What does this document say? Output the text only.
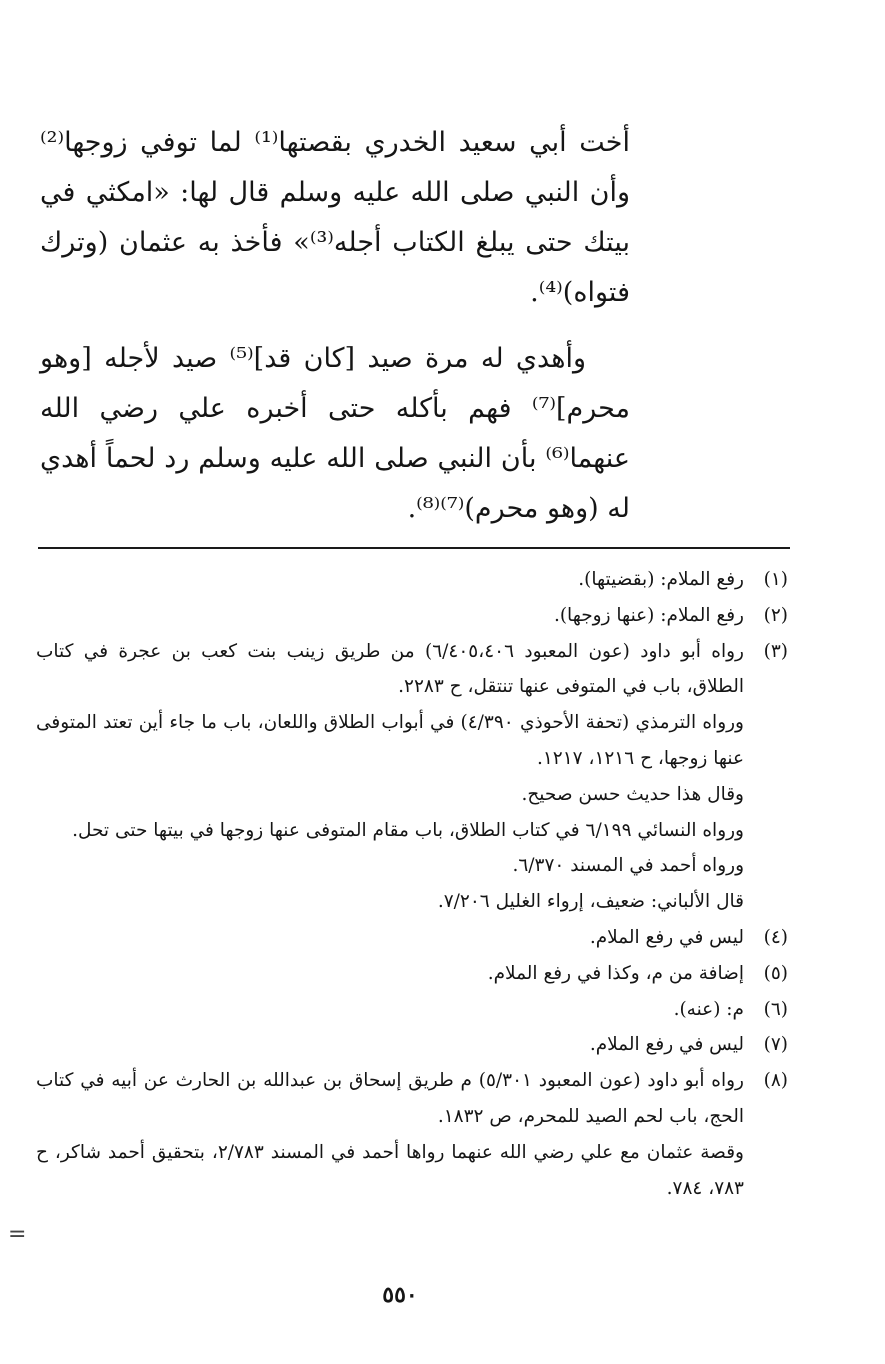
أخت أبي سعيد الخدري بقصتها⁽¹⁾ لما توفي زوجها⁽²⁾ وأن النبي صلى الله عليه وسلم قال لها: «امكثي في بيتك حتى يبلغ الكتاب أجله⁽³⁾» فأخذ به عثمان (وترك فتواه)⁽⁴⁾.

وأهدي له مرة صيد [كان قد]⁽⁵⁾ صيد لأجله [وهو محرم]⁽⁷⁾ فهم بأكله حتى أخبره علي رضي الله عنهما⁽⁶⁾ بأن النبي صلى الله عليه وسلم رد لحماً أهدي له (وهو محرم)⁽⁷⁾⁽⁸⁾.

(١)
رفع الملام: (بقضيتها).
(٢)
رفع الملام: (عنها زوجها).
(٣)
رواه أبو داود (عون المعبود ٦/٤٠٥،٤٠٦) من طريق زينب بنت كعب بن عجرة في كتاب الطلاق، باب في المتوفى عنها تنتقل، ح ٢٢٨٣.
ورواه الترمذي (تحفة الأحوذي ٤/٣٩٠) في أبواب الطلاق واللعان، باب ما جاء أين تعتد المتوفى عنها زوجها، ح ١٢١٦، ١٢١٧.
وقال هذا حديث حسن صحيح.
ورواه النسائي ٦/١٩٩ في كتاب الطلاق، باب مقام المتوفى عنها زوجها في بيتها حتى تحل.
ورواه أحمد في المسند ٦/٣٧٠.
قال الألباني: ضعيف، إرواء الغليل ٧/٢٠٦.
(٤)
ليس في رفع الملام.
(٥)
إضافة من م، وكذا في رفع الملام.
(٦)
م: (عنه).
(٧)
ليس في رفع الملام.
(٨)
رواه أبو داود (عون المعبود ٥/٣٠١) م طريق إسحاق بن عبدالله بن الحارث عن أبيه في كتاب الحج، باب لحم الصيد للمحرم، ص ١٨٣٢.
وقصة عثمان مع علي رضي الله عنهما رواها أحمد في المسند ٢/٧٨٣، بتحقيق أحمد شاكر، ح ٧٨٣، ٧٨٤.
٥٥٠
=
